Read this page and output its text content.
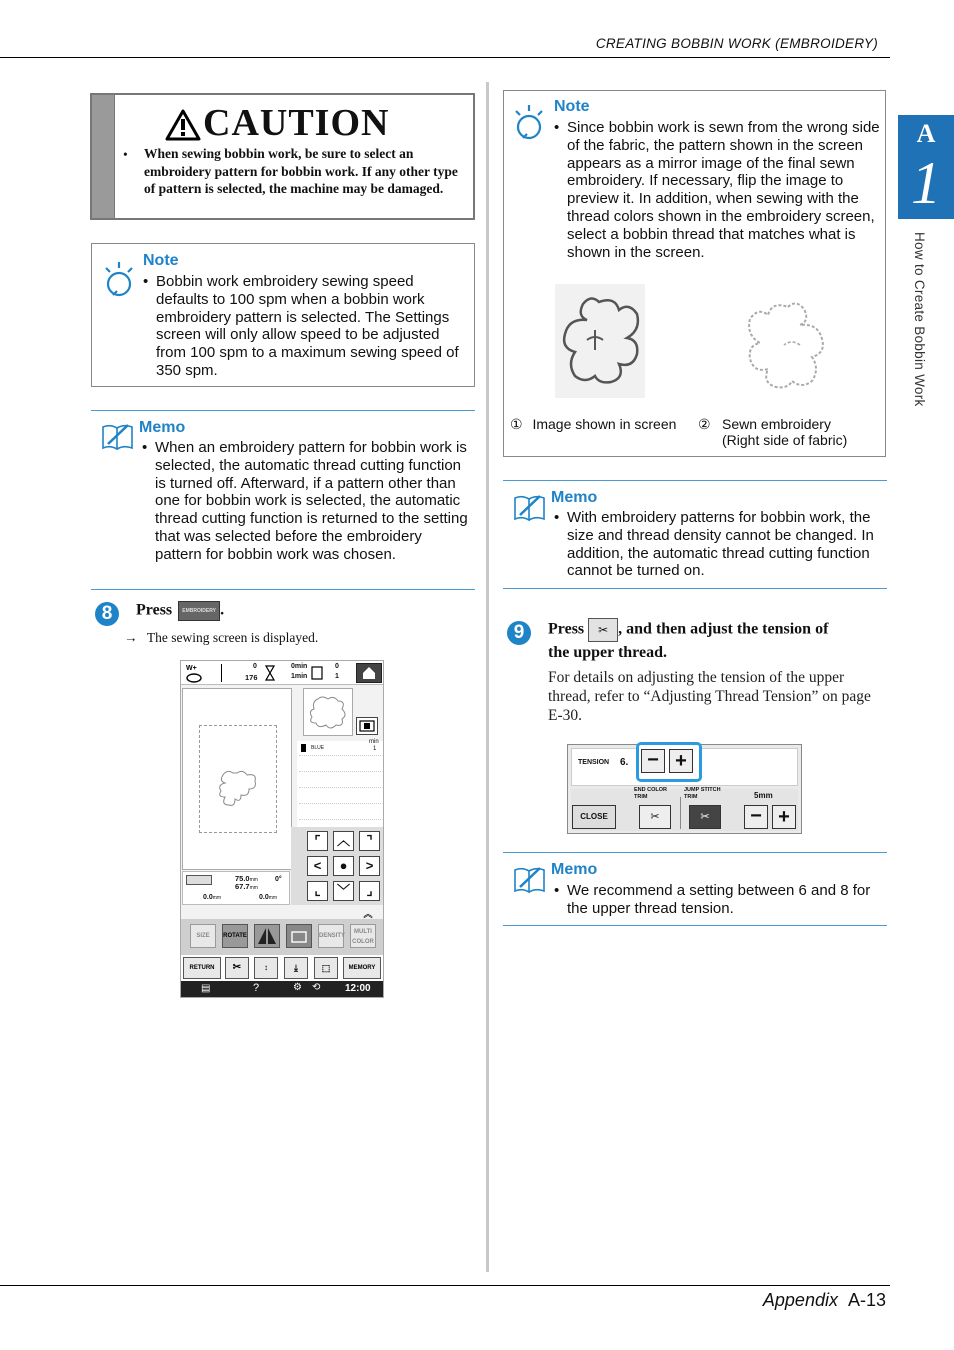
CREATING BOBBIN WORK (EMBROIDERY)
Appendix A-13
A
1
How to Create Bobbin Work
CAUTION
• When sewing bobbin work, be sure to select an embroidery pattern for bobbin work. If any other type of pattern is selected, the machine may be damaged.
Note
• Bobbin work embroidery sewing speed defaults to 100 spm when a bobbin work embroidery pattern is selected. The Settings screen will only allow speed to be adjusted from 100 spm to a maximum sewing speed of 350 spm.
Memo
• When an embroidery pattern for bobbin work is selected, the automatic thread cutting function is turned off. Afterward, if a pattern other than one for bobbin work is selected, the automatic thread cutting function is returned to the setting that was selected before the embroidery pattern for bobbin work was chosen.
8	Press EMBROIDERY .
→ The sewing screen is displayed.
W+	0
176
0min
1min
0
1
BLUE
min
1
⌜	︿	⌝
<	●	>
⌞	﹀	⌟
75.0mm
67.7mm
0°
0.0mm	0.0mm
︽
SIZE	ROTATE	DENSITY
MULTI COLOR
RETURN	✂	↕	⤓	⬚	MEMORY
▤	?	⚙ ⟲ 12:00
Note
• Since bobbin work is sewn from the wrong side of the fabric, the pattern shown in the screen appears as a mirror image of the final sewn embroidery. If necessary, flip the image to preview it. In addition, when sewing with the thread colors shown in the embroidery screen, select a bobbin thread that matches what is shown in the screen.
① Image shown in screen ② Sewn embroidery
(Right side of fabric)
Memo
• With embroidery patterns for bobbin work, the size and thread density cannot be changed. In addition, the automatic thread cutting function cannot be turned on.
9	Press ✂ , and then adjust the tension of
the upper thread.
For details on adjusting the tension of the upper thread, refer to “Adjusting Thread Tension” on page E-30.
TENSION 6. − +
END COLOR TRIM
JUMP STITCH TRIM	5mm
CLOSE	✂	✂	− +
Memo
• We recommend a setting between 6 and 8 for the upper thread tension.
